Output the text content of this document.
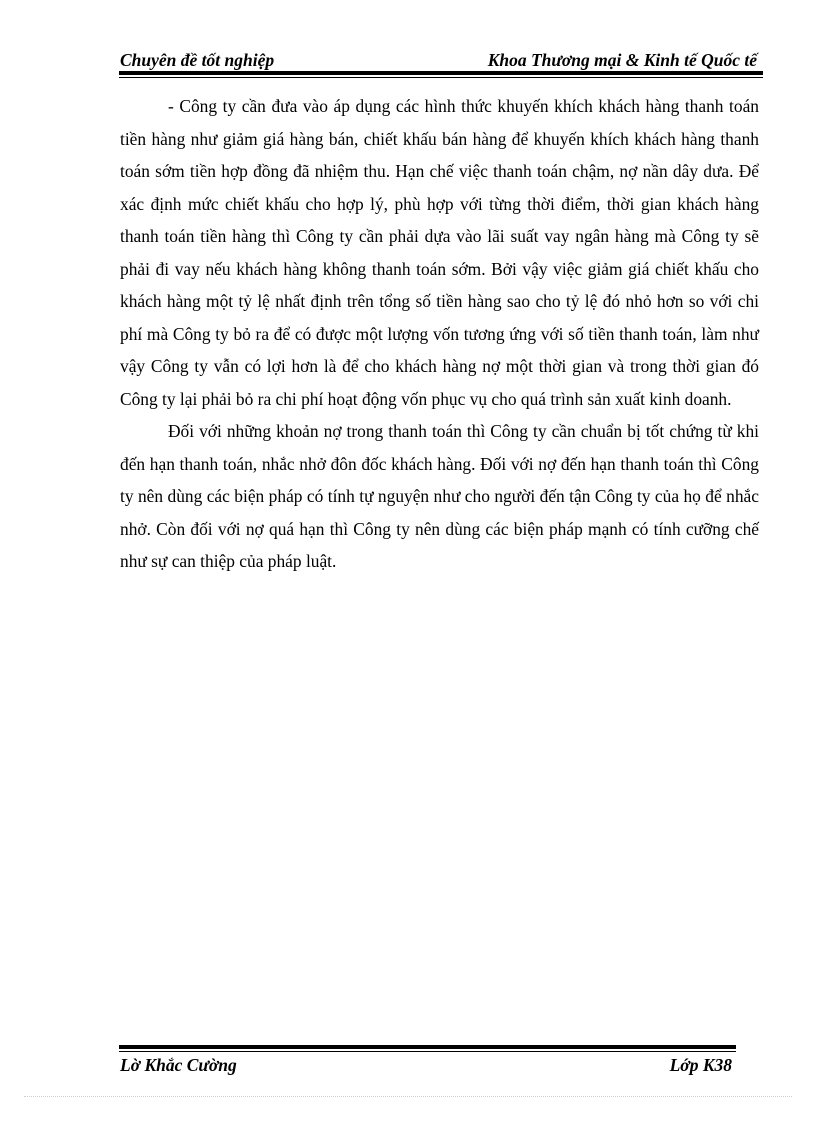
Chuyên đề tốt nghiệp	Khoa Thương mại & Kinh tế Quốc tế

- Công ty cần đưa vào áp dụng các hình thức khuyến khích khách hàng thanh toán tiền hàng như giảm giá hàng bán, chiết khấu bán hàng để khuyến khích khách hàng thanh toán sớm tiền hợp đồng đã nhiệm thu. Hạn chế việc thanh toán chậm, nợ nần dây dưa. Để xác định mức chiết khấu cho hợp lý, phù hợp với từng thời điểm, thời gian khách hàng thanh toán tiền hàng thì Công ty cần phải dựa vào lãi suất vay ngân hàng mà Công ty sẽ phải đi vay nếu khách hàng không thanh toán sớm. Bởi vậy việc giảm giá chiết khấu cho khách hàng một tỷ lệ nhất định trên tổng số tiền hàng sao cho tỷ lệ đó nhỏ hơn so với chi phí mà Công ty bỏ ra để có được một lượng vốn tương ứng với số tiền thanh toán, làm như vậy Công ty vẫn có lợi hơn là để cho khách hàng nợ một thời gian và trong thời gian đó Công ty lại phải bỏ ra chi phí hoạt động vốn phục vụ cho quá trình sản xuất kinh doanh.

Đối với những khoản nợ trong thanh toán thì Công ty cần chuẩn bị tốt chứng từ khi đến hạn thanh toán, nhắc nhở đôn đốc khách hàng. Đối với nợ đến hạn thanh toán thì Công ty nên dùng các biện pháp có tính tự nguyện như cho người đến tận Công ty của họ để nhắc nhở. Còn đối với nợ quá hạn thì Công ty nên dùng các biện pháp mạnh có tính cưỡng chế như sự can thiệp của pháp luật.

Lờ Khắc Cường	Lớp K38
